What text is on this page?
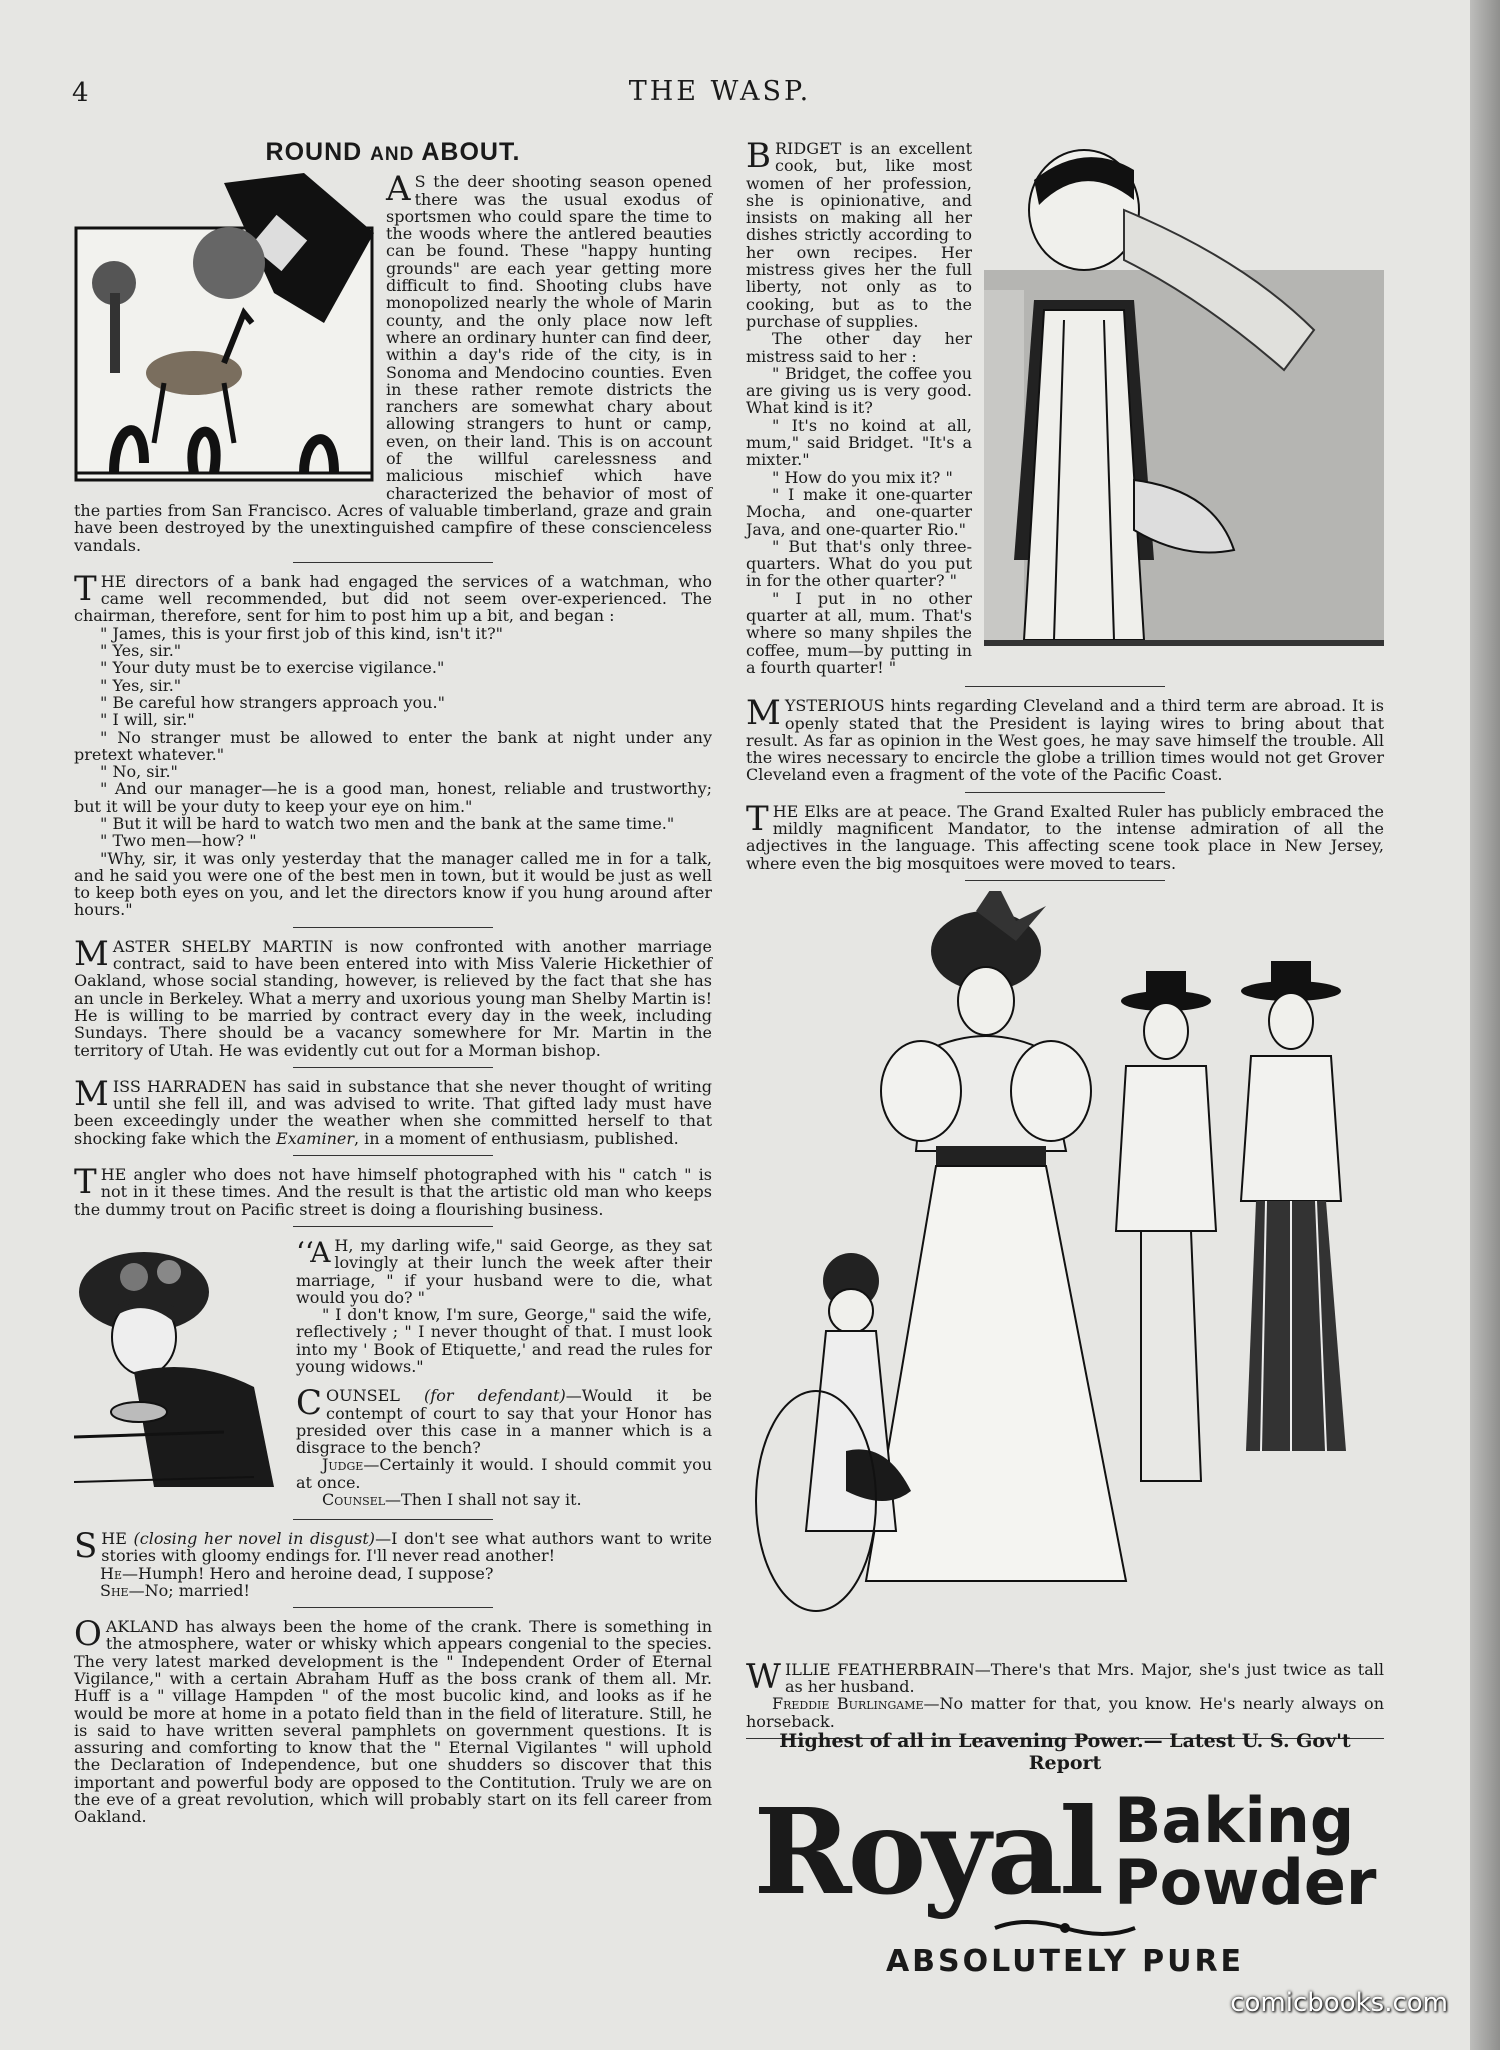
4	THE WASP.
ROUND AND ABOUT.

A S the deer shooting season opened there was the usual exodus of sportsmen who could spare the time to the woods where the antlered beauties can be found. These "happy hunting grounds" are each year getting more difficult to find. Shooting clubs have monopolized nearly the whole of Marin county, and the only place now left where an ordinary hunter can find deer, within a day's ride of the city, is in Sonoma and Mendocino counties. Even in these rather remote districts the ranchers are somewhat chary about allowing strangers to hunt or camp, even, on their land. This is on account of the willful carelessness and malicious mischief which have characterized the behavior of most of the parties from San Francisco. Acres of valuable timberland, graze and grain have been destroyed by the unextinguished campfire of these conscienceless vandals.

THE directors of a bank had engaged the services of a watchman, who came well recommended, but did not seem over-experienced. The chairman, therefore, sent for him to post him up a bit, and began :

" James, this is your first job of this kind, isn't it?"

" Yes, sir."

" Your duty must be to exercise vigilance."

" Yes, sir."

" Be careful how strangers approach you."

" I will, sir."

" No stranger must be allowed to enter the bank at night under any pretext whatever."

" No, sir."

" And our manager—he is a good man, honest, reliable and trustworthy; but it will be your duty to keep your eye on him."

" But it will be hard to watch two men and the bank at the same time."

" Two men—how? "

"Why, sir, it was only yesterday that the manager called me in for a talk, and he said you were one of the best men in town, but it would be just as well to keep both eyes on you, and let the directors know if you hung around after hours."

MASTER SHELBY MARTIN is now confronted with another marriage contract, said to have been entered into with Miss Valerie Hickethier of Oakland, whose social standing, however, is relieved by the fact that she has an uncle in Berkeley. What a merry and uxorious young man Shelby Martin is! He is willing to be married by contract every day in the week, including Sundays. There should be a vacancy somewhere for Mr. Martin in the territory of Utah. He was evidently cut out for a Morman bishop.

MISS HARRADEN has said in substance that she never thought of writing until she fell ill, and was advised to write. That gifted lady must have been exceedingly under the weather when she committed herself to that shocking fake which the Examiner, in a moment of enthusiasm, published.

THE angler who does not have himself photographed with his " catch " is not in it these times. And the result is that the artistic old man who keeps the dummy trout on Pacific street is doing a flourishing business.

‘‘A H, my darling wife," said George, as they sat lovingly at their lunch the week after their marriage, " if your husband were to die, what would you do? "

" I don't know, I'm sure, George," said the wife, reflectively ; " I never thought of that. I must look into my ' Book of Etiquette,' and read the rules for young widows."

COUNSEL (for defendant)—Would it be contempt of court to say that your Honor has presided over this case in a manner which is a disgrace to the bench?

Judge—Certainly it would. I should commit you at once.

Counsel—Then I shall not say it.

SHE (closing her novel in disgust)—I don't see what authors want to write stories with gloomy endings for. I'll never read another!

He—Humph! Hero and heroine dead, I suppose?

She—No; married!

OAKLAND has always been the home of the crank. There is something in the atmosphere, water or whisky which appears congenial to the species. The very latest marked development is the " Independent Order of Eternal Vigilance," with a certain Abraham Huff as the boss crank of them all. Mr. Huff is a " village Hampden " of the most bucolic kind, and looks as if he would be more at home in a potato field than in the field of literature. Still, he is said to have written several pamphlets on government questions. It is assuring and comforting to know that the " Eternal Vigilantes " will uphold the Declaration of Independence, but one shudders so discover that this important and powerful body are opposed to the Contitution. Truly we are on the eve of a great revolution, which will probably start on its fell career from Oakland.

BRIDGET is an excellent cook, but, like most women of her profession, she is opinionative, and insists on making all her dishes strictly according to her own recipes. Her mistress gives her the full liberty, not only as to cooking, but as to the purchase of supplies.

The other day her mistress said to her :

" Bridget, the coffee you are giving us is very good. What kind is it?

" It's no koind at all, mum," said Bridget. "It's a mixter."

" How do you mix it? "

" I make it one-quarter Mocha, and one-quarter Java, and one-quarter Rio."

" But that's only three-quarters. What do you put in for the other quarter? "

" I put in no other quarter at all, mum. That's where so many shpiles the coffee, mum—by putting in a fourth quarter! "

MYSTERIOUS hints regarding Cleveland and a third term are abroad. It is openly stated that the President is laying wires to bring about that result. As far as opinion in the West goes, he may save himself the trouble. All the wires necessary to encircle the globe a trillion times would not get Grover Cleveland even a fragment of the vote of the Pacific Coast.

THE Elks are at peace. The Grand Exalted Ruler has publicly embraced the mildly magnificent Mandator, to the intense admiration of all the adjectives in the language. This affecting scene took place in New Jersey, where even the big mosquitoes were moved to tears.

WILLIE FEATHERBRAIN—There's that Mrs. Major, she's just twice as tall as her husband.

Freddie Burlingame—No matter for that, you know. He's nearly always on horseback.

Highest of all in Leavening Power.— Latest U. S. Gov't Report
Royal Baking
Powder
ABSOLUTELY PURE
comicbooks.com
